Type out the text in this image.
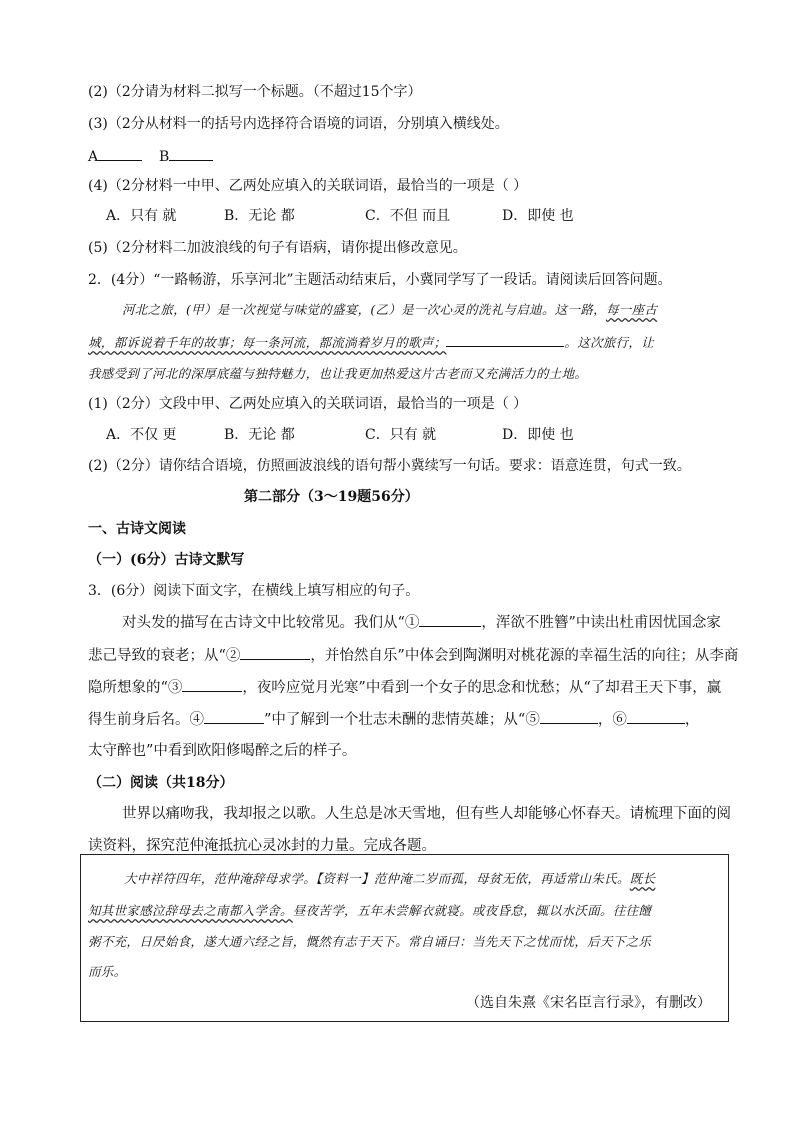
(2)（2分请为材料二拟写一个标题。（不超过15个字）
(3)（2分从材料一的括号内选择符合语境的词语，分别填入横线处。
A	B
(4)（2分材料一中甲、乙两处应填入的关联词语，最恰当的一项是（ ）
A．只有 就	B．无论 都	C．不但 而且	D．即使 也
(5)（2分材料二加波浪线的句子有语病，请你提出修改意见。
2．(4分）“一路畅游，乐享河北”主题活动结束后，小冀同学写了一段话。请阅读后回答问题。
河北之旅，(甲）是一次视觉与味觉的盛宴，(乙）是一次心灵的洗礼与启迪。这一路，每一座古
城，都诉说着千年的故事；每一条河流，都流淌着岁月的歌声；	。这次旅行，让
我感受到了河北的深厚底蕴与独特魅力，也让我更加热爱这片古老而又充满活力的土地。
(1)（2分）文段中甲、乙两处应填入的关联词语，最恰当的一项是（ ）
A．不仅 更	B．无论 都	C．只有 就	D．即使 也
(2)（2分）请你结合语境，仿照画波浪线的语句帮小冀续写一句话。要求：语意连贯，句式一致。
第二部分（3～19题56分）
一、古诗文阅读
（一）(6分）古诗文默写
3．(6分）阅读下面文字，在横线上填写相应的句子。
对头发的描写在古诗文中比较常见。我们从“①	，浑欲不胜簪”中读出杜甫因忧国念家
悲己导致的衰老；从“②	，并怡然自乐”中体会到陶渊明对桃花源的幸福生活的向往；从李商
隐所想象的“③	，夜吟应觉月光寒”中看到一个女子的思念和忧愁；从“了却君王天下事，赢
得生前身后名。④	”中了解到一个壮志未酬的悲情英雄；从“⑤	，⑥	，
太守醉也”中看到欧阳修喝醉之后的样子。
（二）阅读（共18分）
世界以痛吻我，我却报之以歌。人生总是冰天雪地，但有些人却能够心怀春天。请梳理下面的阅
读资料，探究范仲淹抵抗心灵冰封的力量。完成各题。
大中祥符四年，范仲淹辞母求学。【资料一】范仲淹二岁而孤，母贫无依，再适常山朱氏。既长
知其世家感泣辞母去之南都入学舍。昼夜苦学，五年未尝解衣就寝。或夜昏怠，辄以水沃面。往往饘
粥不充，日昃始食，遂大通六经之旨，慨然有志于天下。常自诵曰：当先天下之忧而忧，后天下之乐
而乐。
（选自朱熹《宋名臣言行录》，有删改）
